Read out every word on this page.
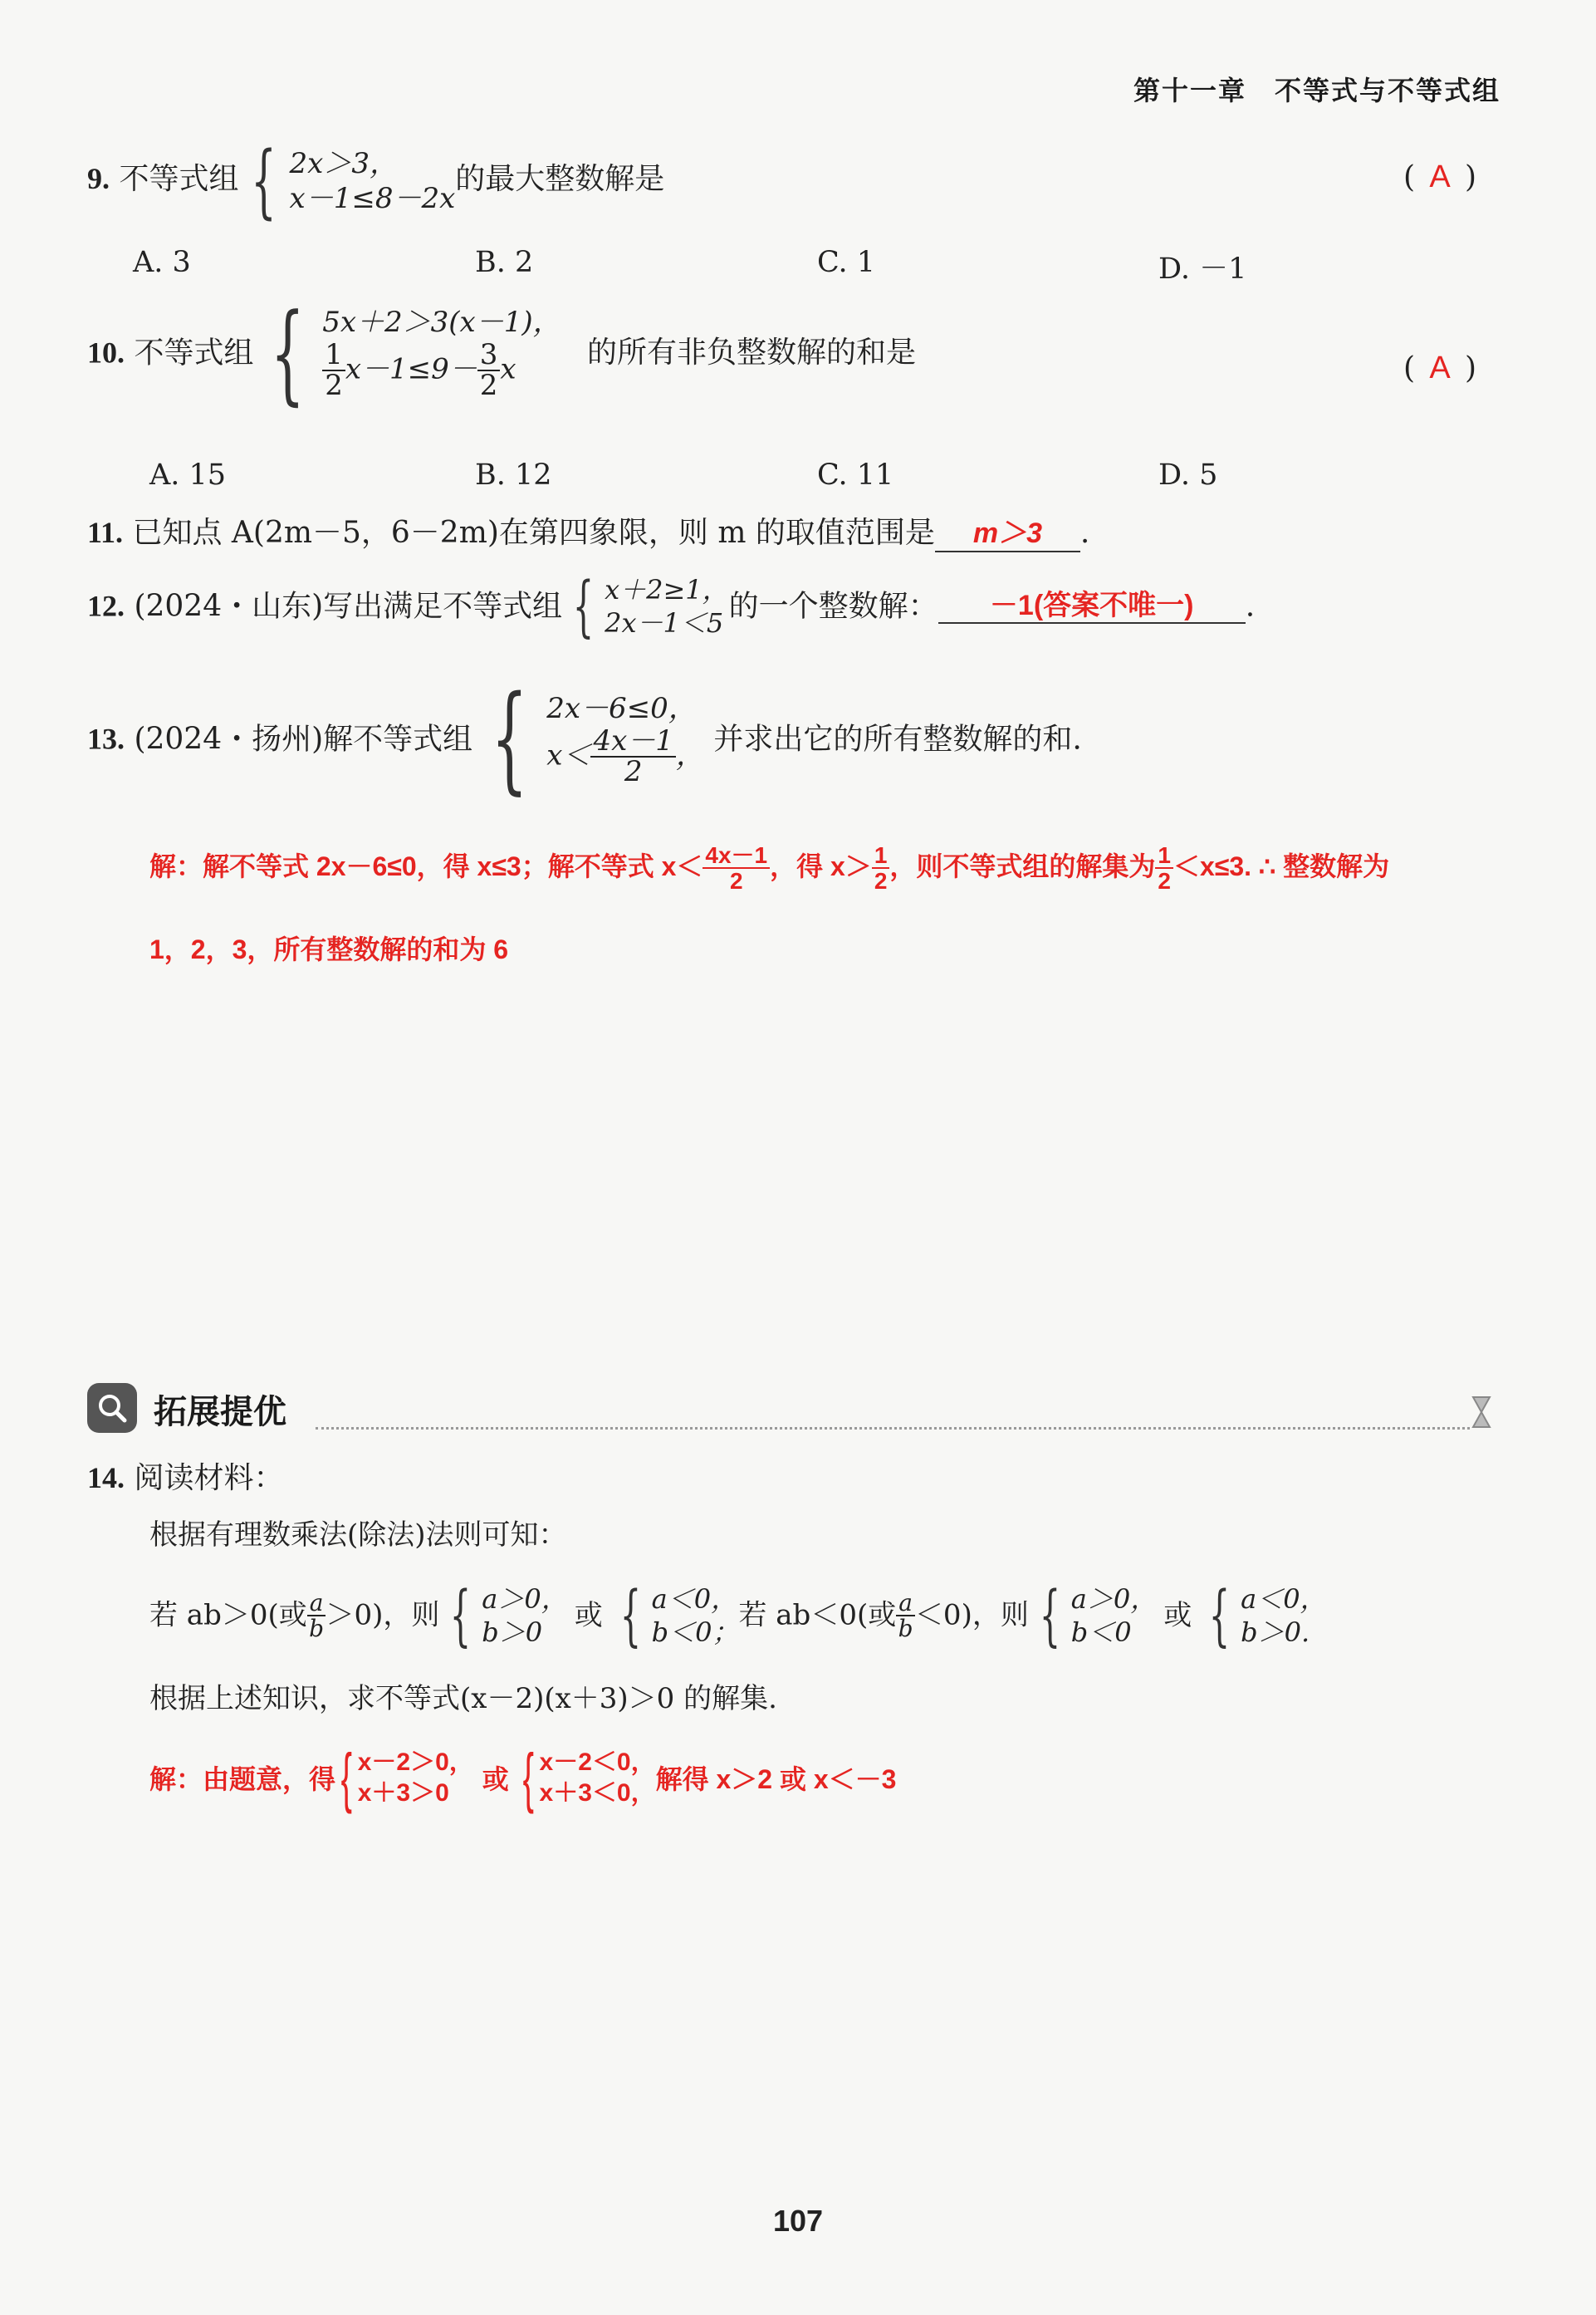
第十一章　不等式与不等式组
9. 不等式组 { 2x＞3，
x－1≤8－2x
的最大整数解是	( A )
A. 3	B. 2	C. 1	D. －1
10. 不等式组 { 5x＋2＞3(x－1)，
$\frac{1}{2} x-1\le 9- \frac{3}{2}$ x	的所有非负整数解的和是	( A )
A. 15	B. 12	C. 11	D. 5
11. 已知点 A(2m－5，6－2m)在第四象限，则 m 的取值范围是 m＞3 .
12. (2024・山东)写出满足不等式组 { x＋2≥1，
2x－1＜5 的一个整数解： －1(答案不唯一) .
13. (2024・扬州)解不等式组 { 2x－6≤0，
$x< \frac{4x-1}{2}$ ， 并求出它的所有整数解的和.
解：解不等式 2x－6≤0，得 x≤3；解不等式 $x< \frac{4x-1}{2}$ ，得 $x> \frac{1}{2}$ ，则不等式组的解集为 $\frac{1}{2} <x\le 3$. ∴ 整数解为
1，2，3，所有整数解的和为 6
拓展提优
14. 阅读材料：
根据有理数乘法(除法)法则可知：
若 ab＞0(或 $\frac{a}{b} >0$)，则 { a＞0，
b＞0
或 { a＜0，
b＜0；
若 ab＜0(或 $\frac{a}{b} <0$)，则 { a＞0，
b＜0
或 { a＜0，
b＞0.
根据上述知识，求不等式(x－2)(x＋3)＞0 的解集.
解：由题意，得{ x－2＞0，
x＋3＞0	或 { x－2＜0，
x＋3＜0， 解得 x＞2 或 x＜－3
107
